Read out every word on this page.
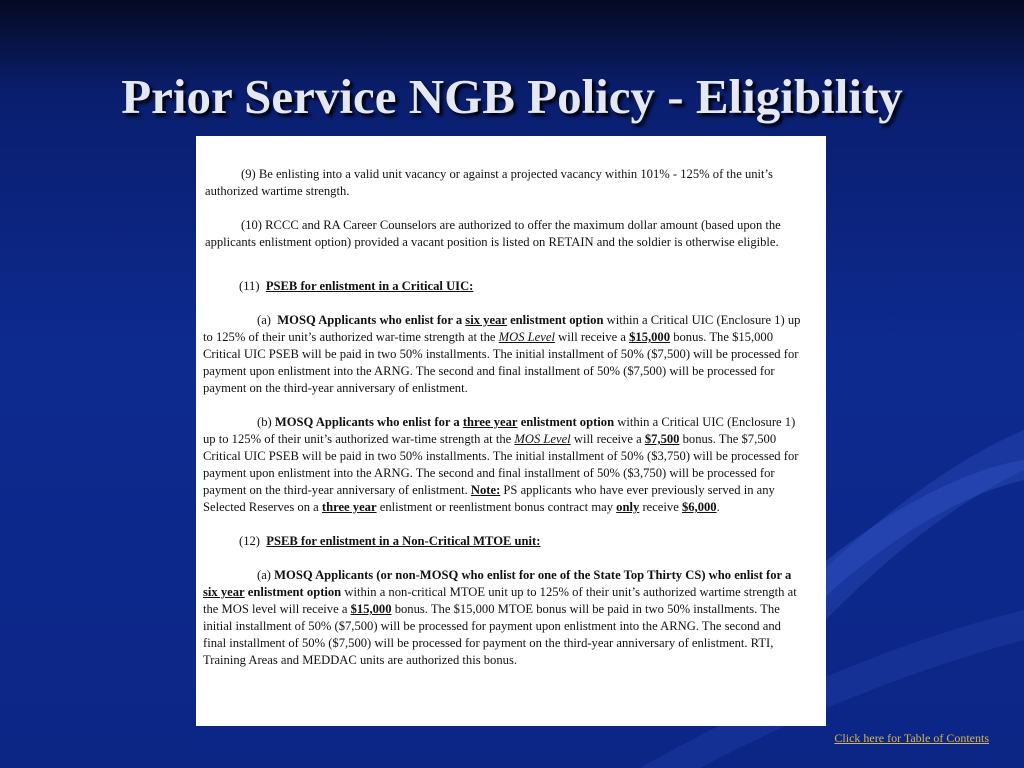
Prior Service NGB Policy - Eligibility

(9) Be enlisting into a valid unit vacancy or against a projected vacancy within 101% - 125% of the unit’s authorized wartime strength.

(10) RCCC and RA Career Counselors are authorized to offer the maximum dollar amount (based upon the applicants enlistment option) provided a vacant position is listed on RETAIN and the soldier is otherwise eligible.

(11) PSEB for enlistment in a Critical UIC:

(a) MOSQ Applicants who enlist for a six year enlistment option within a Critical UIC (Enclosure 1) up to 125% of their unit’s authorized war-time strength at the MOS Level will receive a $15,000 bonus. The $15,000 Critical UIC PSEB will be paid in two 50% installments. The initial installment of 50% ($7,500) will be processed for payment upon enlistment into the ARNG. The second and final installment of 50% ($7,500) will be processed for payment on the third-year anniversary of enlistment.

(b) MOSQ Applicants who enlist for a three year enlistment option within a Critical UIC (Enclosure 1) up to 125% of their unit’s authorized war-time strength at the MOS Level will receive a $7,500 bonus. The $7,500 Critical UIC PSEB will be paid in two 50% installments. The initial installment of 50% ($3,750) will be processed for payment upon enlistment into the ARNG. The second and final installment of 50% ($3,750) will be processed for payment on the third-year anniversary of enlistment. Note: PS applicants who have ever previously served in any Selected Reserves on a three year enlistment or reenlistment bonus contract may only receive $6,000.

(12) PSEB for enlistment in a Non-Critical MTOE unit:

(a) MOSQ Applicants (or non-MOSQ who enlist for one of the State Top Thirty CS) who enlist for a six year enlistment option within a non-critical MTOE unit up to 125% of their unit’s authorized wartime strength at the MOS level will receive a $15,000 bonus. The $15,000 MTOE bonus will be paid in two 50% installments. The initial installment of 50% ($7,500) will be processed for payment upon enlistment into the ARNG. The second and final installment of 50% ($7,500) will be processed for payment on the third-year anniversary of enlistment. RTI, Training Areas and MEDDAC units are authorized this bonus.

Click here for Table of Contents
